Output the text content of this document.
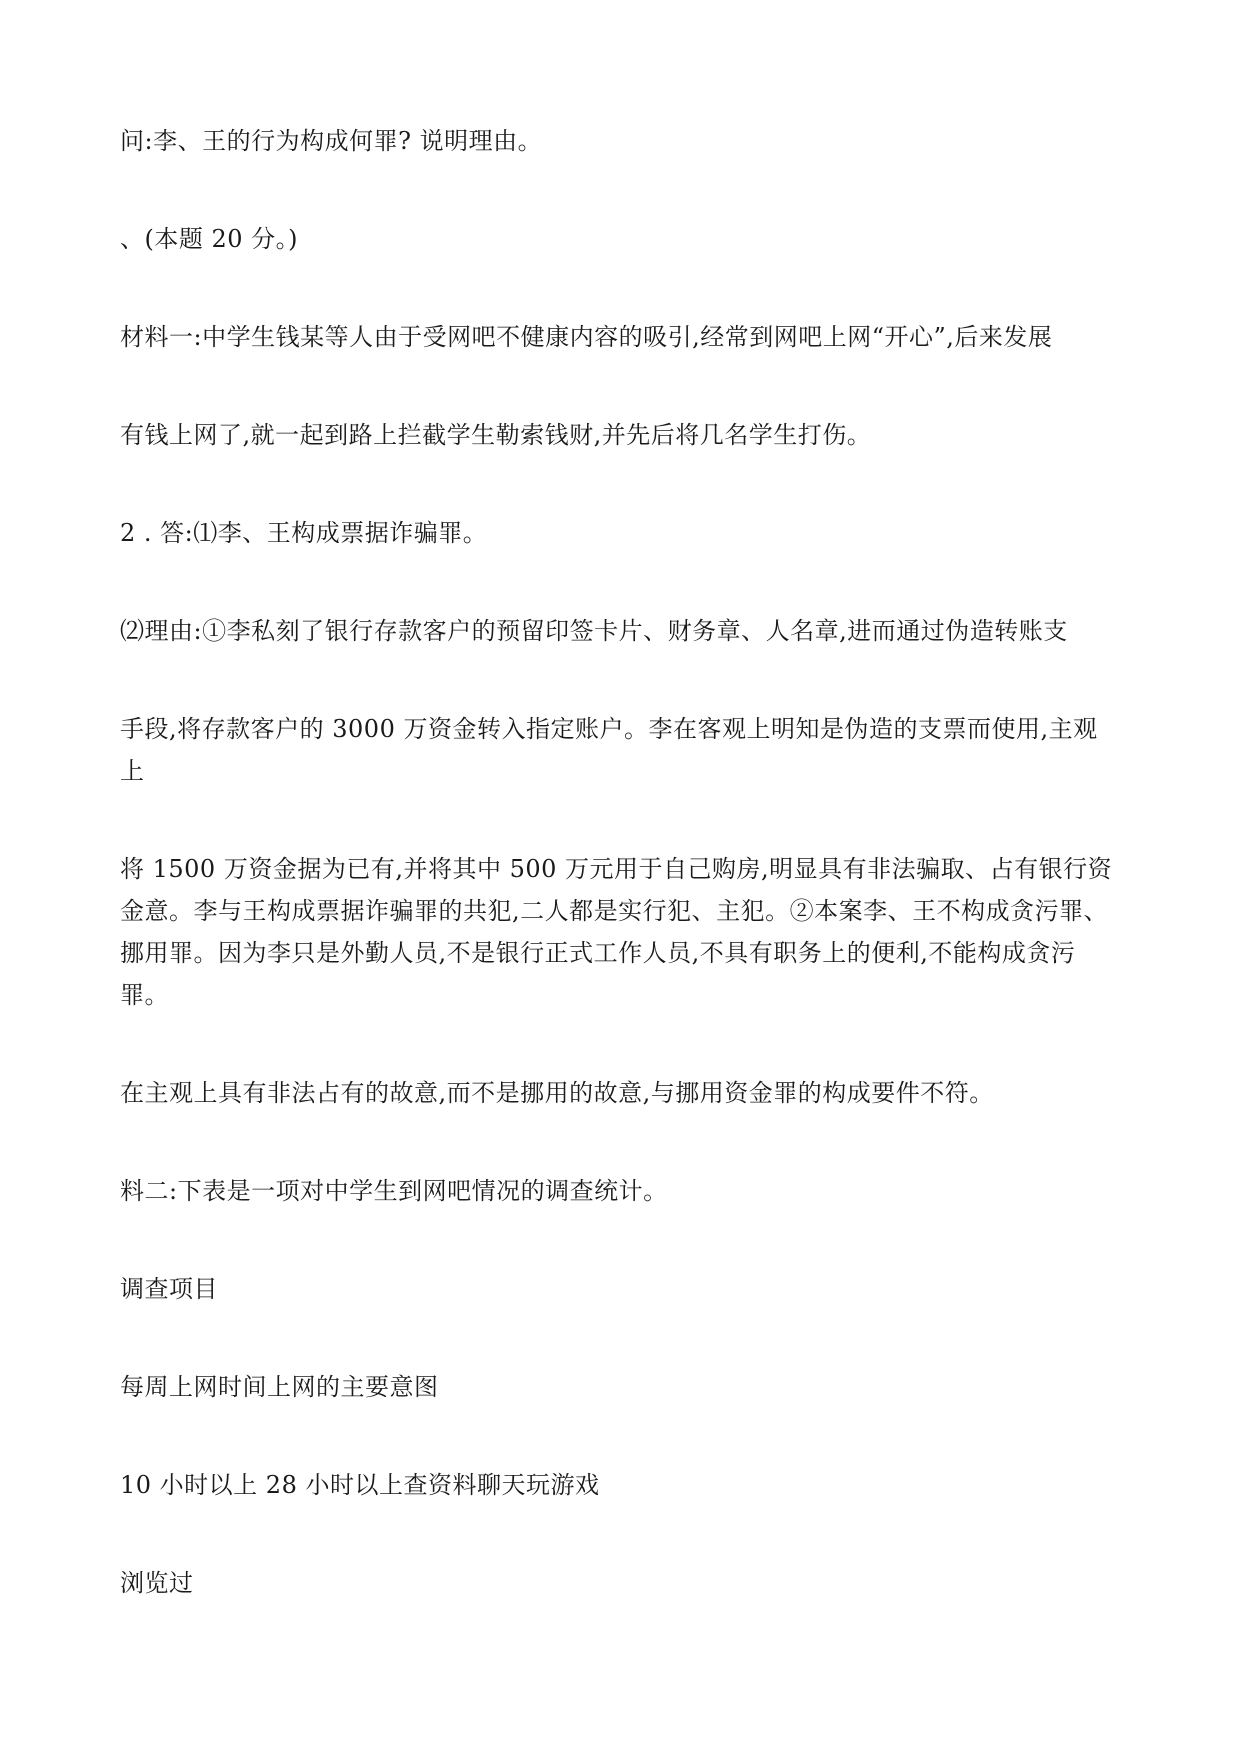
问:李、王的行为构成何罪? 说明理由。
、(本题 20 分。)
材料一:中学生钱某等人由于受网吧不健康内容的吸引,经常到网吧上网“开心”,后来发展
有钱上网了,就一起到路上拦截学生勒索钱财,并先后将几名学生打伤。
2 . 答:⑴李、王构成票据诈骗罪。
⑵理由:①李私刻了银行存款客户的预留印签卡片、财务章、人名章,进而通过伪造转账支
手段,将存款客户的 3000 万资金转入指定账户。李在客观上明知是伪造的支票而使用,主观
上
将 1500 万资金据为已有,并将其中 500 万元用于自己购房,明显具有非法骗取、占有银行资
金意。李与王构成票据诈骗罪的共犯,二人都是实行犯、主犯。②本案李、王不构成贪污罪、
挪用罪。因为李只是外勤人员,不是银行正式工作人员,不具有职务上的便利,不能构成贪污
罪。
在主观上具有非法占有的故意,而不是挪用的故意,与挪用资金罪的构成要件不符。
料二:下表是一项对中学生到网吧情况的调查统计。
调查项目
每周上网时间上网的主要意图
10 小时以上 28 小时以上查资料聊天玩游戏
浏览过
